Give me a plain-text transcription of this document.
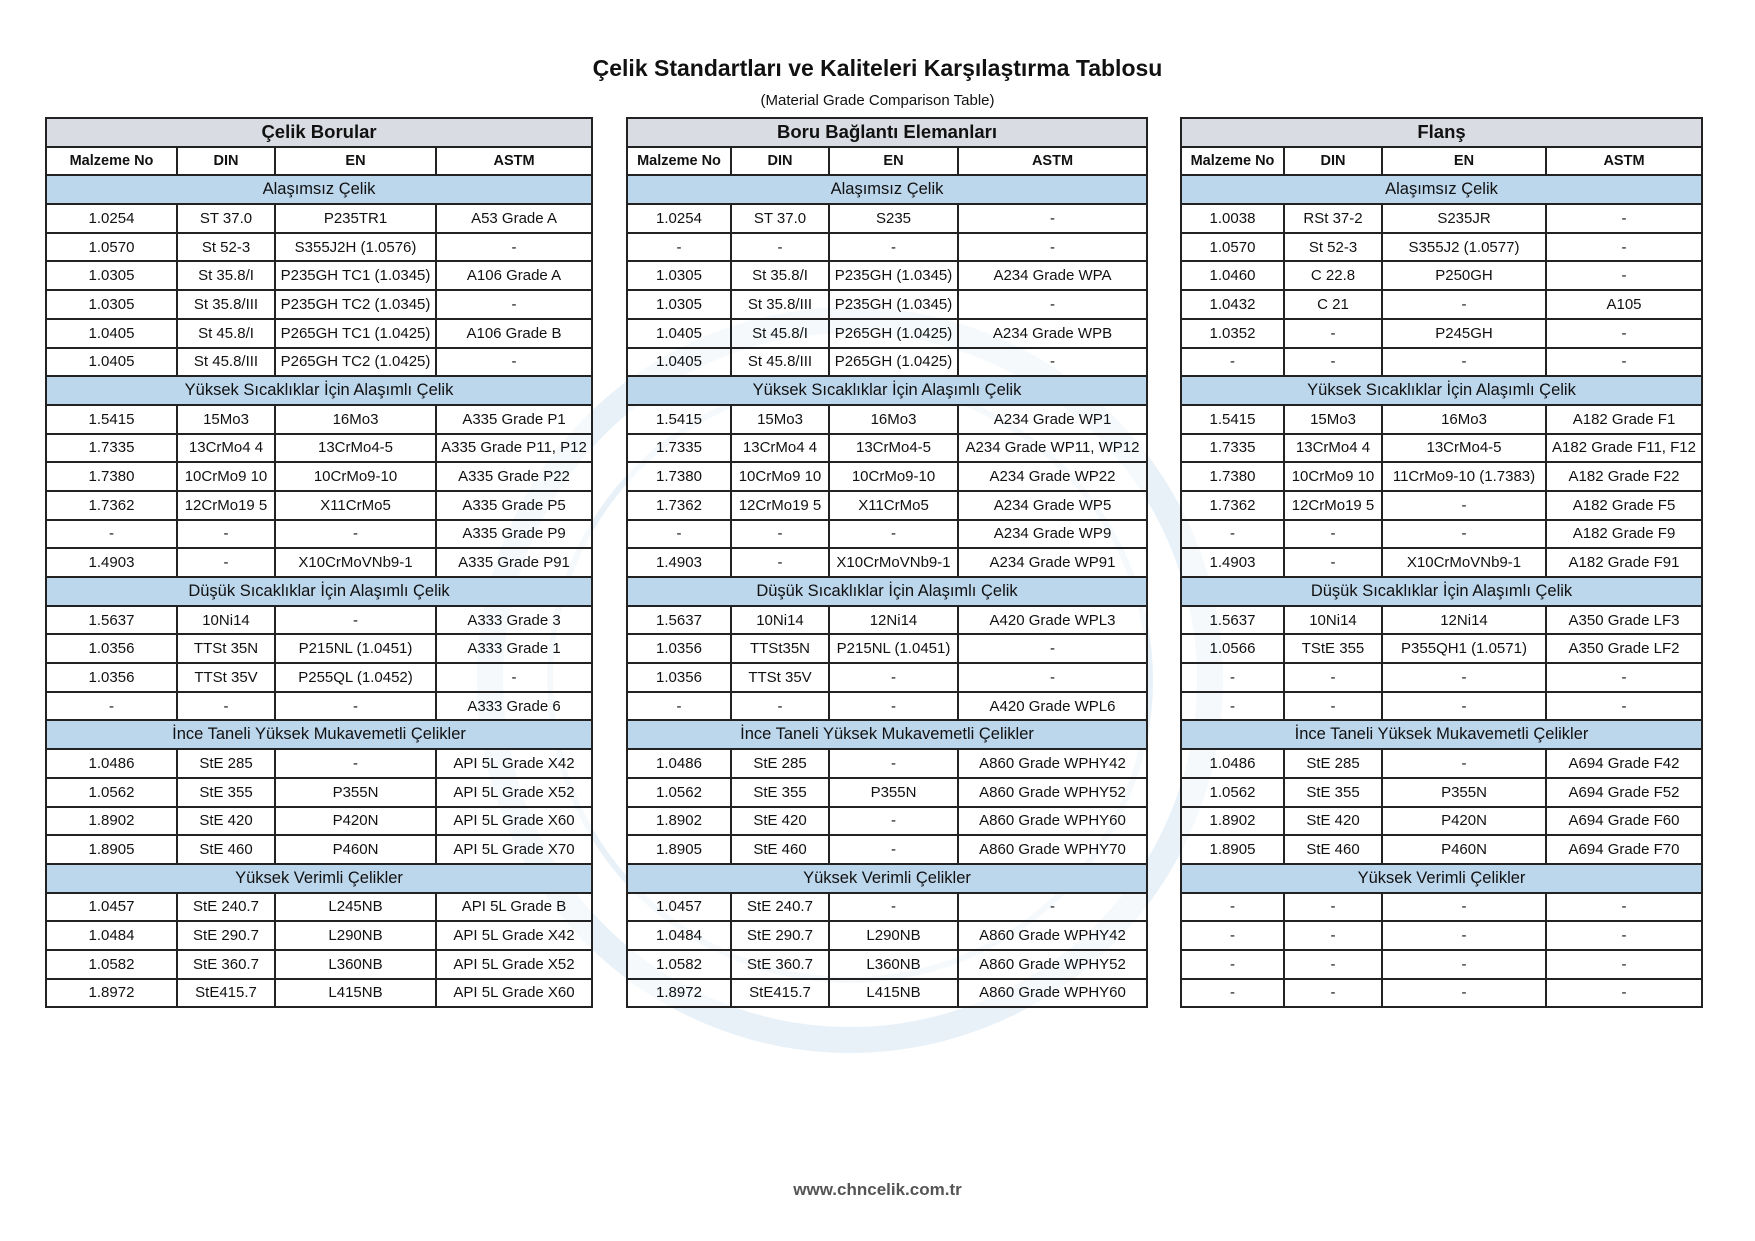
Çelik Standartları ve Kaliteleri Karşılaştırma Tablosu
(Material Grade Comparison Table)
Çelik Borular			
Malzeme No	DIN	EN	ASTM
Alaşımsız Çelik			
1.0254	ST 37.0	P235TR1	A53 Grade A
1.0570	St 52-3	S355J2H (1.0576)	-
1.0305	St 35.8/I	P235GH TC1 (1.0345)	A106 Grade A
1.0305	St 35.8/III	P235GH TC2 (1.0345)	-
1.0405	St 45.8/I	P265GH TC1 (1.0425)	A106 Grade B
1.0405	St 45.8/III	P265GH TC2 (1.0425)	-
Yüksek Sıcaklıklar İçin Alaşımlı Çelik			
1.5415	15Mo3	16Mo3	A335 Grade P1
1.7335	13CrMo4 4	13CrMo4-5	A335 Grade P11, P12
1.7380	10CrMo9 10	10CrMo9-10	A335 Grade P22
1.7362	12CrMo19 5	X11CrMo5	A335 Grade P5
-	-	-	A335 Grade P9
1.4903	-	X10CrMoVNb9-1	A335 Grade P91
Düşük Sıcaklıklar İçin Alaşımlı Çelik			
1.5637	10Ni14	-	A333 Grade 3
1.0356	TTSt 35N	P215NL (1.0451)	A333 Grade 1
1.0356	TTSt 35V	P255QL (1.0452)	-
-	-	-	A333 Grade 6
İnce Taneli Yüksek Mukavemetli Çelikler			
1.0486	StE 285	-	API 5L Grade X42
1.0562	StE 355	P355N	API 5L Grade X52
1.8902	StE 420	P420N	API 5L Grade X60
1.8905	StE 460	P460N	API 5L Grade X70
Yüksek Verimli Çelikler			
1.0457	StE 240.7	L245NB	API 5L Grade B
1.0484	StE 290.7	L290NB	API 5L Grade X42
1.0582	StE 360.7	L360NB	API 5L Grade X52
1.8972	StE415.7	L415NB	API 5L Grade X60
Boru Bağlantı Elemanları			
Malzeme No	DIN	EN	ASTM
Alaşımsız Çelik			
1.0254	ST 37.0	S235	-
-	-	-	-
1.0305	St 35.8/I	P235GH (1.0345)	A234 Grade WPA
1.0305	St 35.8/III	P235GH (1.0345)	-
1.0405	St 45.8/I	P265GH (1.0425)	A234 Grade WPB
1.0405	St 45.8/III	P265GH (1.0425)	-
Yüksek Sıcaklıklar İçin Alaşımlı Çelik			
1.5415	15Mo3	16Mo3	A234 Grade WP1
1.7335	13CrMo4 4	13CrMo4-5	A234 Grade WP11, WP12
1.7380	10CrMo9 10	10CrMo9-10	A234 Grade WP22
1.7362	12CrMo19 5	X11CrMo5	A234 Grade WP5
-	-	-	A234 Grade WP9
1.4903	-	X10CrMoVNb9-1	A234 Grade WP91
Düşük Sıcaklıklar İçin Alaşımlı Çelik			
1.5637	10Ni14	12Ni14	A420 Grade WPL3
1.0356	TTSt35N	P215NL (1.0451)	-
1.0356	TTSt 35V	-	-
-	-	-	A420 Grade WPL6
İnce Taneli Yüksek Mukavemetli Çelikler			
1.0486	StE 285	-	A860 Grade WPHY42
1.0562	StE 355	P355N	A860 Grade WPHY52
1.8902	StE 420	-	A860 Grade WPHY60
1.8905	StE 460	-	A860 Grade WPHY70
Yüksek Verimli Çelikler			
1.0457	StE 240.7	-	-
1.0484	StE 290.7	L290NB	A860 Grade WPHY42
1.0582	StE 360.7	L360NB	A860 Grade WPHY52
1.8972	StE415.7	L415NB	A860 Grade WPHY60
Flanş			
Malzeme No	DIN	EN	ASTM
Alaşımsız Çelik			
1.0038	RSt 37-2	S235JR	-
1.0570	St 52-3	S355J2 (1.0577)	-
1.0460	C 22.8	P250GH	-
1.0432	C 21	-	A105
1.0352	-	P245GH	-
-	-	-	-
Yüksek Sıcaklıklar İçin Alaşımlı Çelik			
1.5415	15Mo3	16Mo3	A182 Grade F1
1.7335	13CrMo4 4	13CrMo4-5	A182 Grade F11, F12
1.7380	10CrMo9 10	11CrMo9-10 (1.7383)	A182 Grade F22
1.7362	12CrMo19 5	-	A182 Grade F5
-	-	-	A182 Grade F9
1.4903	-	X10CrMoVNb9-1	A182 Grade F91
Düşük Sıcaklıklar İçin Alaşımlı Çelik			
1.5637	10Ni14	12Ni14	A350 Grade LF3
1.0566	TStE 355	P355QH1 (1.0571)	A350 Grade LF2
-	-	-	-
-	-	-	-
İnce Taneli Yüksek Mukavemetli Çelikler			
1.0486	StE 285	-	A694 Grade F42
1.0562	StE 355	P355N	A694 Grade F52
1.8902	StE 420	P420N	A694 Grade F60
1.8905	StE 460	P460N	A694 Grade F70
Yüksek Verimli Çelikler			
-	-	-	-
-	-	-	-
-	-	-	-
-	-	-	-
www.chncelik.com.tr
